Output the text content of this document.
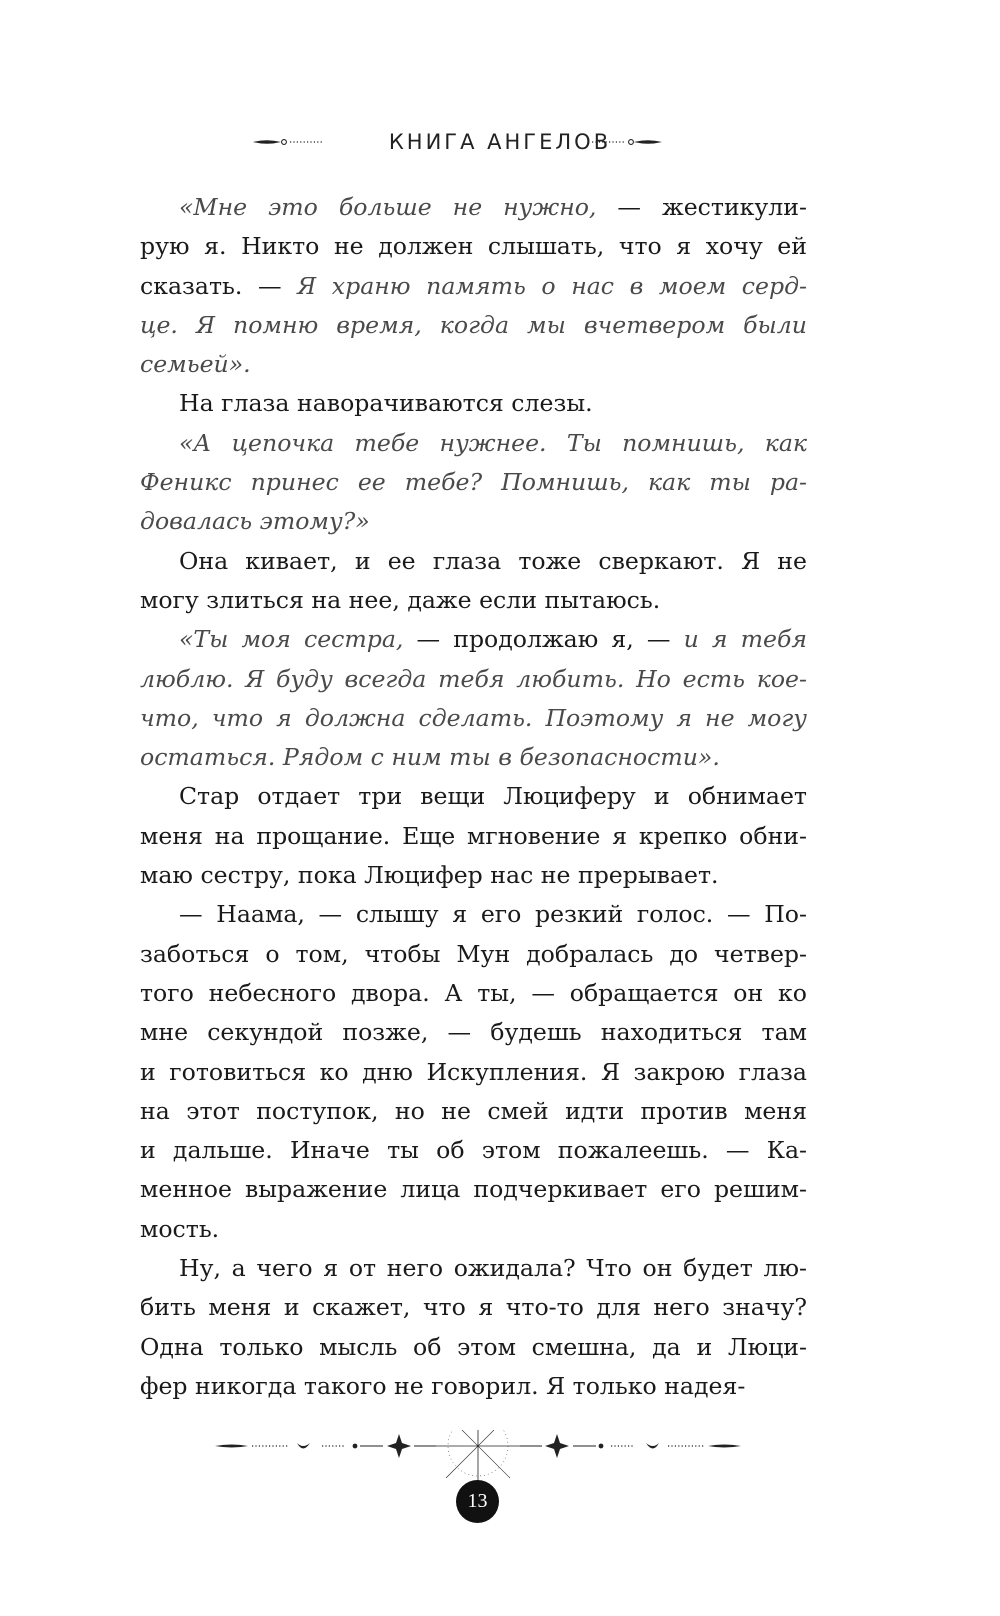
КНИГА АНГЕЛОВ
«Мне это больше не нужно, — жестикули-
рую я. Никто не должен слышать, что я хочу ей
сказать. — Я храню память о нас в моем серд-
це. Я помню время, когда мы вчетвером были
семьей».
На глаза наворачиваются слезы.
«А цепочка тебе нужнее. Ты помнишь, как
Феникс принес ее тебе? Помнишь, как ты ра-
довалась этому?»
Она кивает, и ее глаза тоже сверкают. Я не
могу злиться на нее, даже если пытаюсь.
«Ты моя сестра, — продолжаю я, — и я тебя
люблю. Я буду всегда тебя любить. Но есть кое-
что, что я должна сделать. Поэтому я не могу
остаться. Рядом с ним ты в безопасности».
Стар отдает три вещи Люциферу и обнимает
меня на прощание. Еще мгновение я крепко обни-
маю сестру, пока Люцифер нас не прерывает.
— Наама, — слышу я его резкий голос. — По-
заботься о том, чтобы Мун добралась до четвер-
того небесного двора. А ты, — обращается он ко
мне секундой позже, — будешь находиться там
и готовиться ко дню Искупления. Я закрою глаза
на этот поступок, но не смей идти против меня
и дальше. Иначе ты об этом пожалеешь. — Ка-
менное выражение лица подчеркивает его решим-
мость.
Ну, а чего я от него ожидала? Что он будет лю-
бить меня и скажет, что я что-то для него значу?
Одна только мысль об этом смешна, да и Люци-
фер никогда такого не говорил. Я только надея-
13
